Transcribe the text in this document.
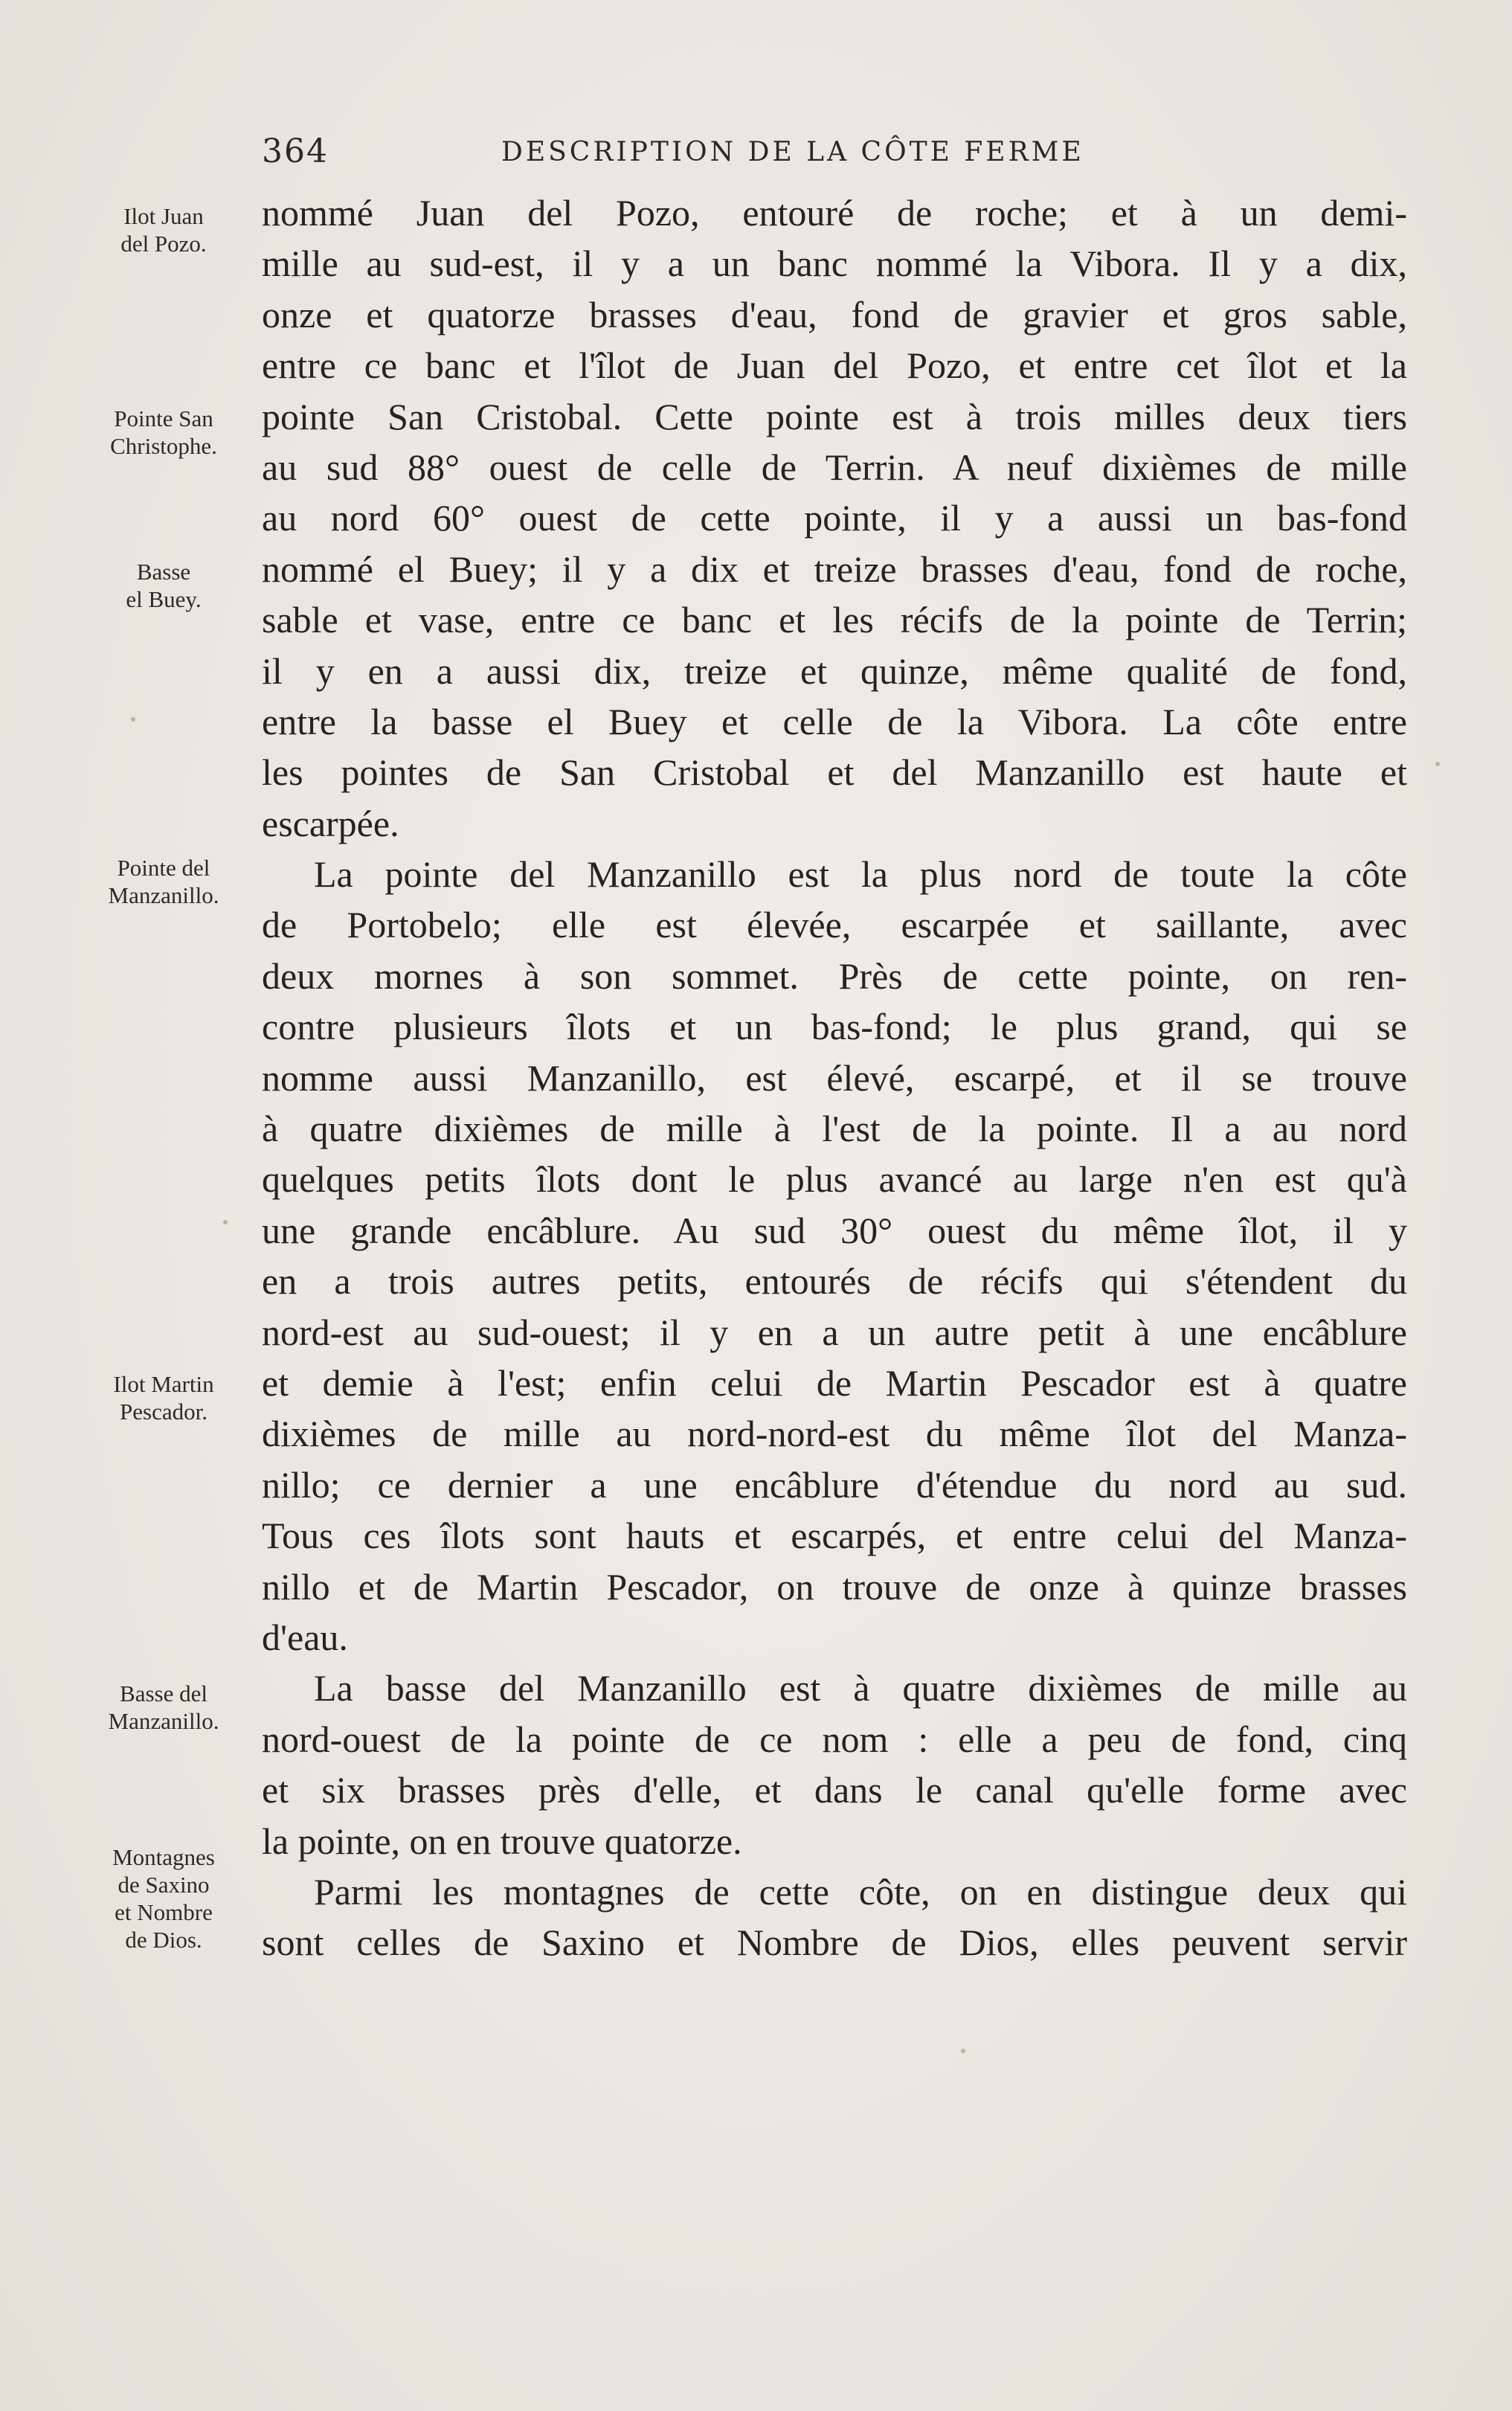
364	DESCRIPTION DE LA CÔTE FERME
Ilot Juan
del Pozo.
Pointe San
Christophe.
Basse
el Buey.
Pointe del
Manzanillo.
Ilot Martin
Pescador.
Basse del
Manzanillo.
Montagnes
de Saxino
et Nombre
de Dios.
nommé Juan del Pozo, entouré de roche; et à un demi-
mille au sud-est, il y a un banc nommé la Vibora. Il y a dix,
onze et quatorze brasses d'eau, fond de gravier et gros sable,
entre ce banc et l'îlot de Juan del Pozo, et entre cet îlot et la
pointe San Cristobal. Cette pointe est à trois milles deux tiers
au sud 88° ouest de celle de Terrin. A neuf dixièmes de mille
au nord 60° ouest de cette pointe, il y a aussi un bas-fond
nommé el Buey; il y a dix et treize brasses d'eau, fond de roche,
sable et vase, entre ce banc et les récifs de la pointe de Terrin;
il y en a aussi dix, treize et quinze, même qualité de fond,
entre la basse el Buey et celle de la Vibora. La côte entre
les pointes de San Cristobal et del Manzanillo est haute et
escarpée.
La pointe del Manzanillo est la plus nord de toute la côte
de Portobelo; elle est élevée, escarpée et saillante, avec
deux mornes à son sommet. Près de cette pointe, on ren-
contre plusieurs îlots et un bas-fond; le plus grand, qui se
nomme aussi Manzanillo, est élevé, escarpé, et il se trouve
à quatre dixièmes de mille à l'est de la pointe. Il a au nord
quelques petits îlots dont le plus avancé au large n'en est qu'à
une grande encâblure. Au sud 30° ouest du même îlot, il y
en a trois autres petits, entourés de récifs qui s'étendent du
nord-est au sud-ouest; il y en a un autre petit à une encâblure
et demie à l'est; enfin celui de Martin Pescador est à quatre
dixièmes de mille au nord-nord-est du même îlot del Manza-
nillo; ce dernier a une encâblure d'étendue du nord au sud.
Tous ces îlots sont hauts et escarpés, et entre celui del Manza-
nillo et de Martin Pescador, on trouve de onze à quinze brasses
d'eau.
La basse del Manzanillo est à quatre dixièmes de mille au
nord-ouest de la pointe de ce nom : elle a peu de fond, cinq
et six brasses près d'elle, et dans le canal qu'elle forme avec
la pointe, on en trouve quatorze.
Parmi les montagnes de cette côte, on en distingue deux qui
sont celles de Saxino et Nombre de Dios, elles peuvent servir
